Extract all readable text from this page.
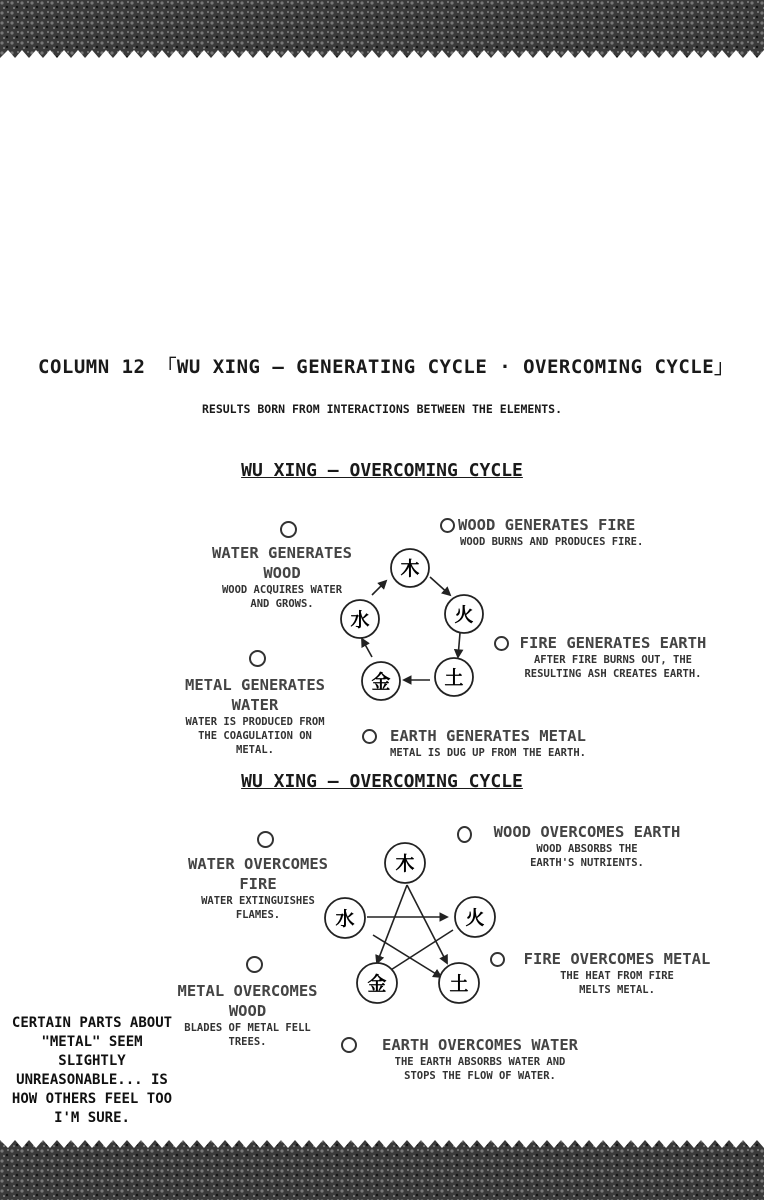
COLUMN 12 「WU XING – GENERATING CYCLE · OVERCOMING CYCLE」
RESULTS BORN FROM INTERACTIONS BETWEEN THE ELEMENTS.
WU XING – OVERCOMING CYCLE
木
火
土
金
水
WOOD GENERATES FIRE
WOOD BURNS AND PRODUCES FIRE.
FIRE GENERATES EARTH
AFTER FIRE BURNS OUT, THE RESULTING ASH CREATES EARTH.
EARTH GENERATES METAL
METAL IS DUG UP FROM THE EARTH.
METAL GENERATES WATER
WATER IS PRODUCED FROM THE COAGULATION ON METAL.
WATER GENERATES WOOD
WOOD ACQUIRES WATER AND GROWS.
WU XING – OVERCOMING CYCLE
木
火
土
金
水
WOOD OVERCOMES EARTH
WOOD ABSORBS THE EARTH'S NUTRIENTS.
FIRE OVERCOMES METAL
THE HEAT FROM FIRE MELTS METAL.
EARTH OVERCOMES WATER
THE EARTH ABSORBS WATER AND STOPS THE FLOW OF WATER.
METAL OVERCOMES WOOD
BLADES OF METAL FELL TREES.
WATER OVERCOMES FIRE
WATER EXTINGUISHES FLAMES.
CERTAIN PARTS ABOUT "METAL" SEEM SLIGHTLY UNREASONABLE... IS HOW OTHERS FEEL TOO I'M SURE.
